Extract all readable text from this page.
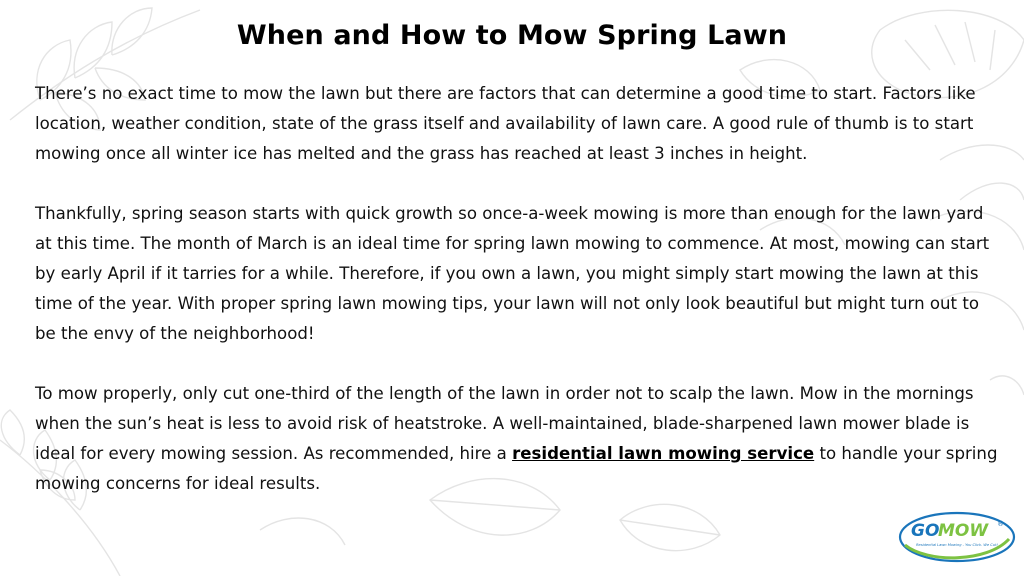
When and How to Mow Spring Lawn

There’s no exact time to mow the lawn but there are factors that can determine a good time to start. Factors like location, weather condition, state of the grass itself and availability of lawn care. A good rule of thumb is to start mowing once all winter ice has melted and the grass has reached at least 3 inches in height.

Thankfully, spring season starts with quick growth so once-a-week mowing is more than enough for the lawn yard at this time. The month of March is an ideal time for spring lawn mowing to commence. At most, mowing can start by early April if it tarries for a while. Therefore, if you own a lawn, you might simply start mowing the lawn at this time of the year. With proper spring lawn mowing tips, your lawn will not only look beautiful but might turn out to be the envy of the neighborhood!

To mow properly, only cut one-third of the length of the lawn in order not to scalp the lawn. Mow in the mornings when the sun’s heat is less to avoid risk of heatstroke. A well-maintained, blade-sharpened lawn mower blade is ideal for every mowing session. As recommended, hire a residential lawn mowing service to handle your spring mowing concerns for ideal results.

GO
MOW ®
Residential Lawn Mowing - You Click. We Cut!
